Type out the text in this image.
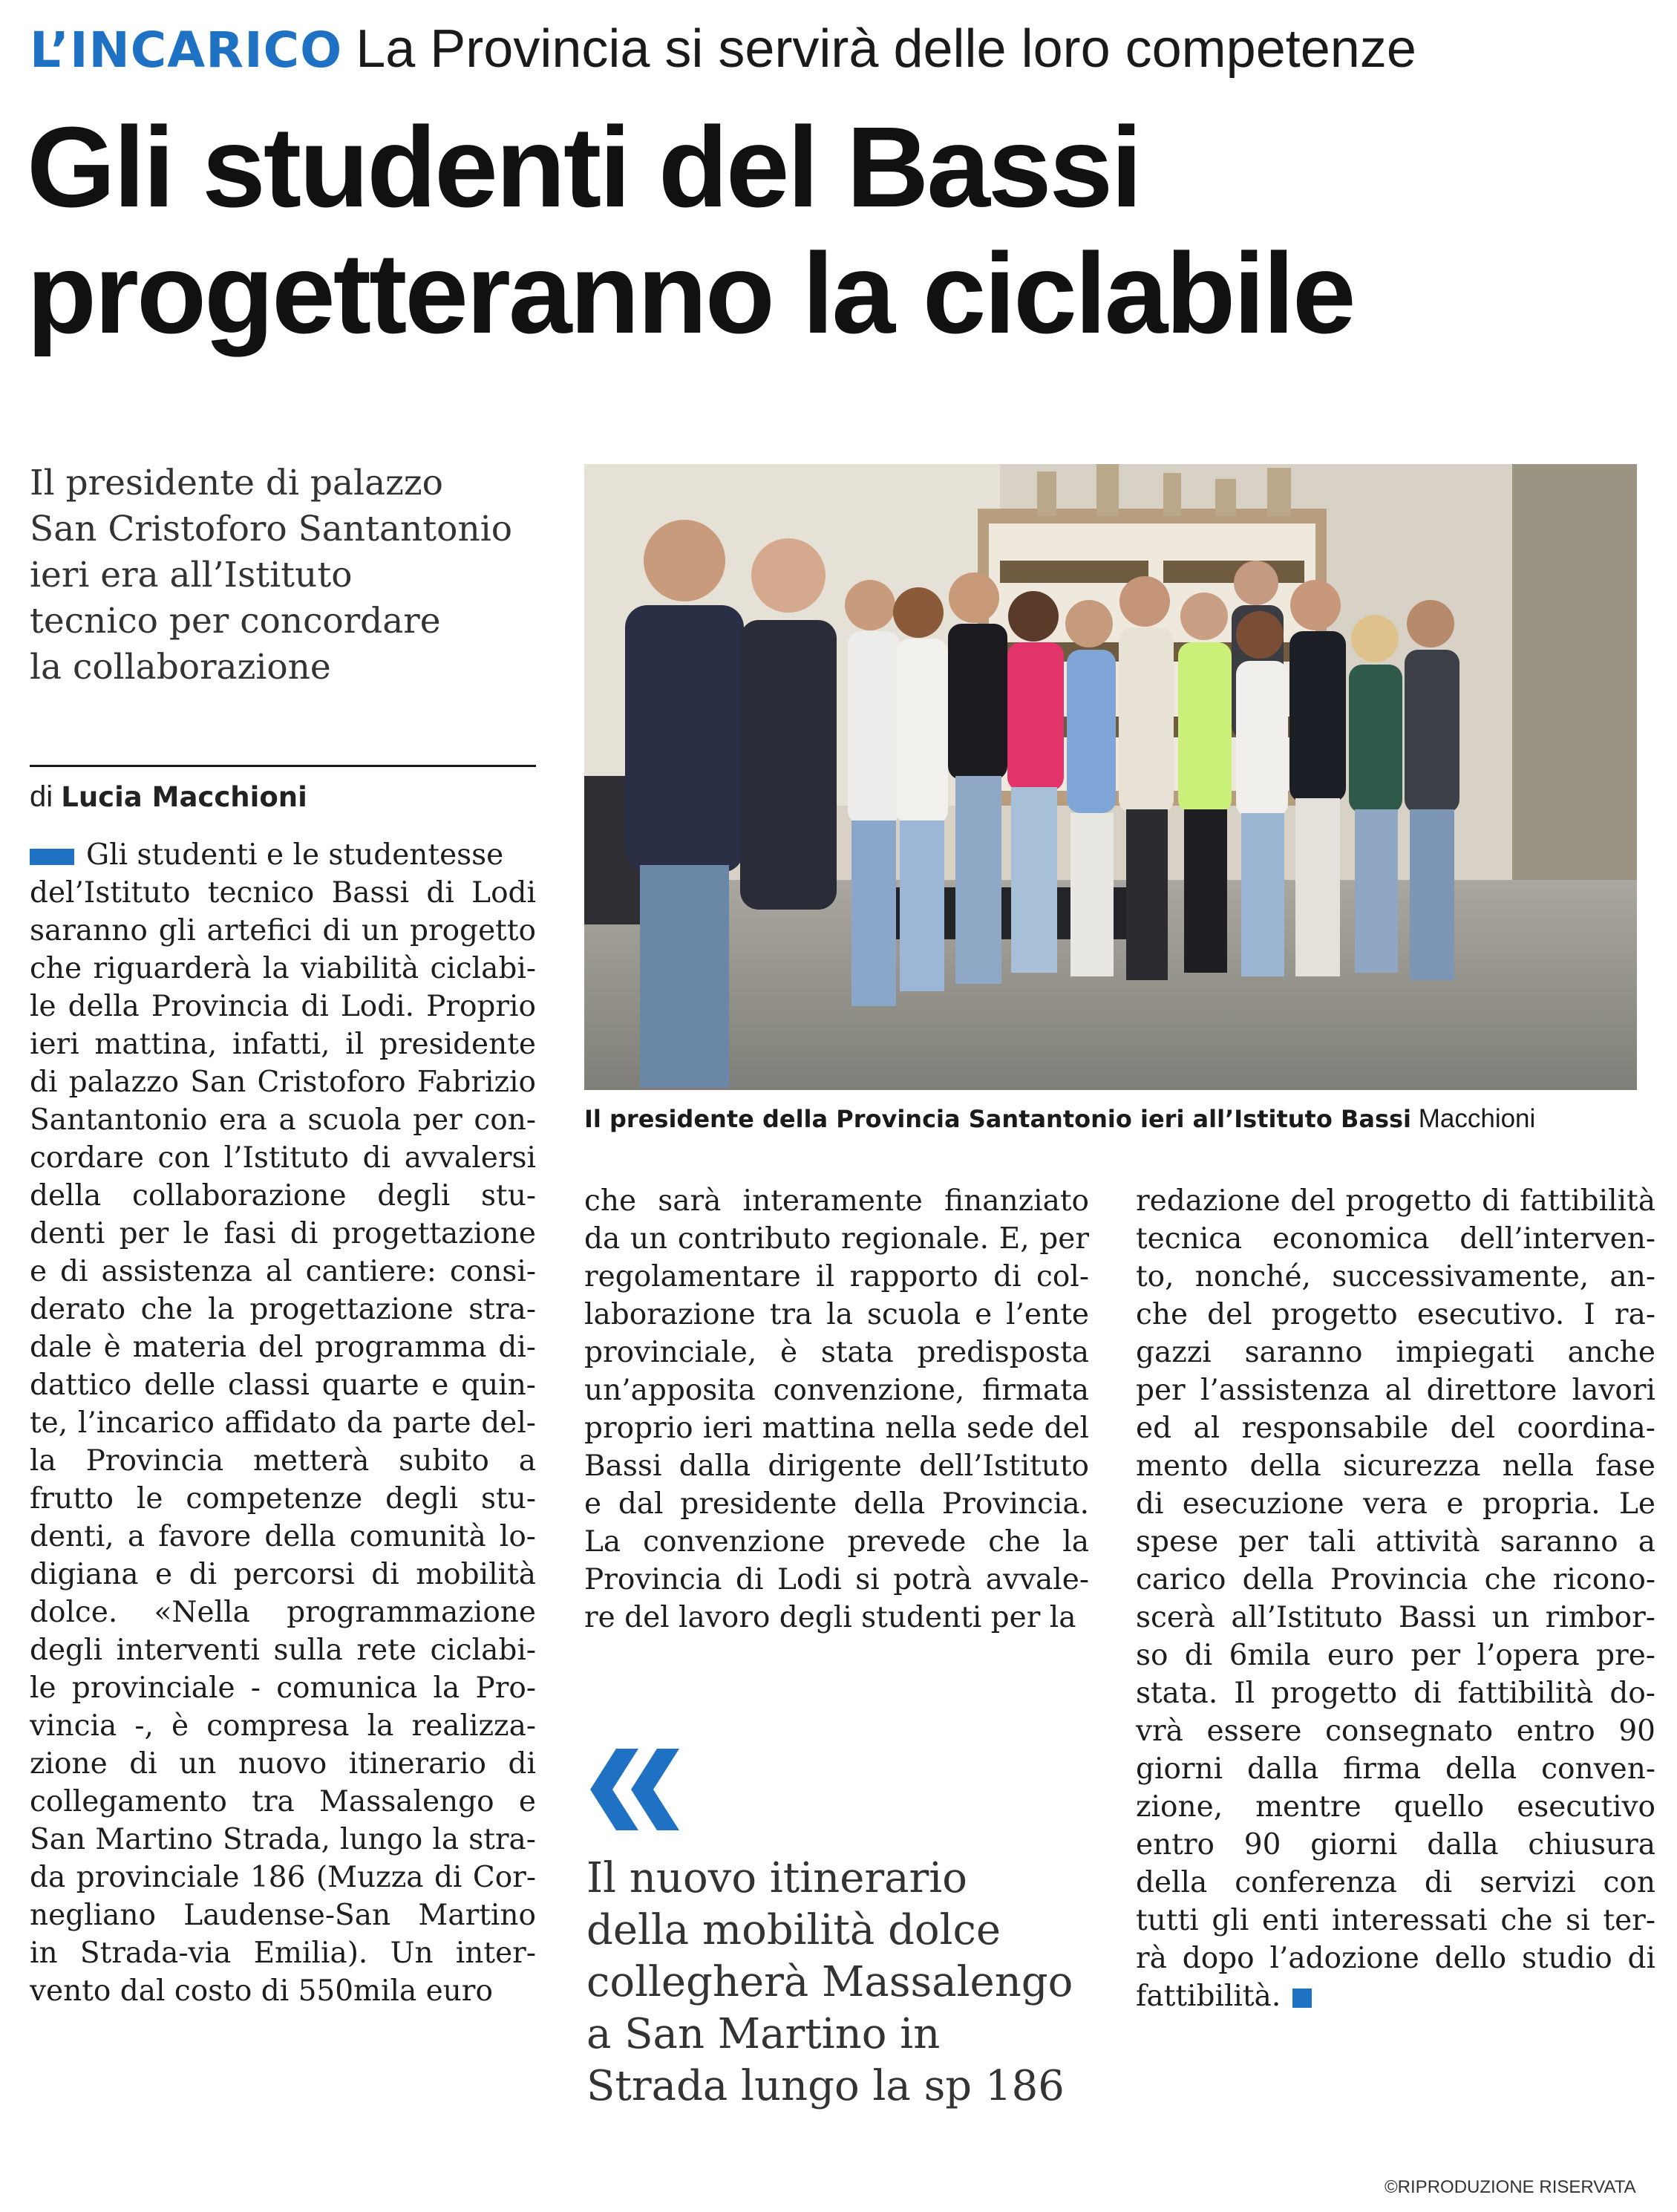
L’INCARICO La Provincia si servirà delle loro competenze
Gli studenti del Bassi
progetteranno la ciclabile
Il presidente di palazzo
San Cristoforo Santantonio
ieri era all’Istituto
tecnico per concordare
la collaborazione
di Lucia Macchioni
Gli studenti e le studentesse
del’Istituto tecnico Bassi di Lodi
saranno gli artefici di un progetto
che riguarderà la viabilità ciclabi-
le della Provincia di Lodi. Proprio
ieri mattina, infatti, il presidente
di palazzo San Cristoforo Fabrizio
Santantonio era a scuola per con-
cordare con l’Istituto di avvalersi
della collaborazione degli stu-
denti per le fasi di progettazione
e di assistenza al cantiere: consi-
derato che la progettazione stra-
dale è materia del programma di-
dattico delle classi quarte e quin-
te, l’incarico affidato da parte del-
la Provincia metterà subito a
frutto le competenze degli stu-
denti, a favore della comunità lo-
digiana e di percorsi di mobilità
dolce. «Nella programmazione
degli interventi sulla rete ciclabi-
le provinciale - comunica la Pro-
vincia -, è compresa la realizza-
zione di un nuovo itinerario di
collegamento tra Massalengo e
San Martino Strada, lungo la stra-
da provinciale 186 (Muzza di Cor-
negliano Laudense-San Martino
in Strada-via Emilia). Un inter-
vento dal costo di 550mila euro
Il presidente della Provincia Santantonio ieri all’Istituto Bassi Macchioni
che sarà interamente finanziato
da un contributo regionale. E, per
regolamentare il rapporto di col-
laborazione tra la scuola e l’ente
provinciale, è stata predisposta
un’apposita convenzione, firmata
proprio ieri mattina nella sede del
Bassi dalla dirigente dell’Istituto
e dal presidente della Provincia.
La convenzione prevede che la
Provincia di Lodi si potrà avvale-
re del lavoro degli studenti per la
Il nuovo itinerario
della mobilità dolce
collegherà Massalengo
a San Martino in
Strada lungo la sp 186
redazione del progetto di fattibilità
tecnica economica dell’interven-
to, nonché, successivamente, an-
che del progetto esecutivo. I ra-
gazzi saranno impiegati anche
per l’assistenza al direttore lavori
ed al responsabile del coordina-
mento della sicurezza nella fase
di esecuzione vera e propria. Le
spese per tali attività saranno a
carico della Provincia che ricono-
scerà all’Istituto Bassi un rimbor-
so di 6mila euro per l’opera pre-
stata. Il progetto di fattibilità do-
vrà essere consegnato entro 90
giorni dalla firma della conven-
zione, mentre quello esecutivo
entro 90 giorni dalla chiusura
della conferenza di servizi con
tutti gli enti interessati che si ter-
rà dopo l’adozione dello studio di
fattibilità.
©RIPRODUZIONE RISERVATA
